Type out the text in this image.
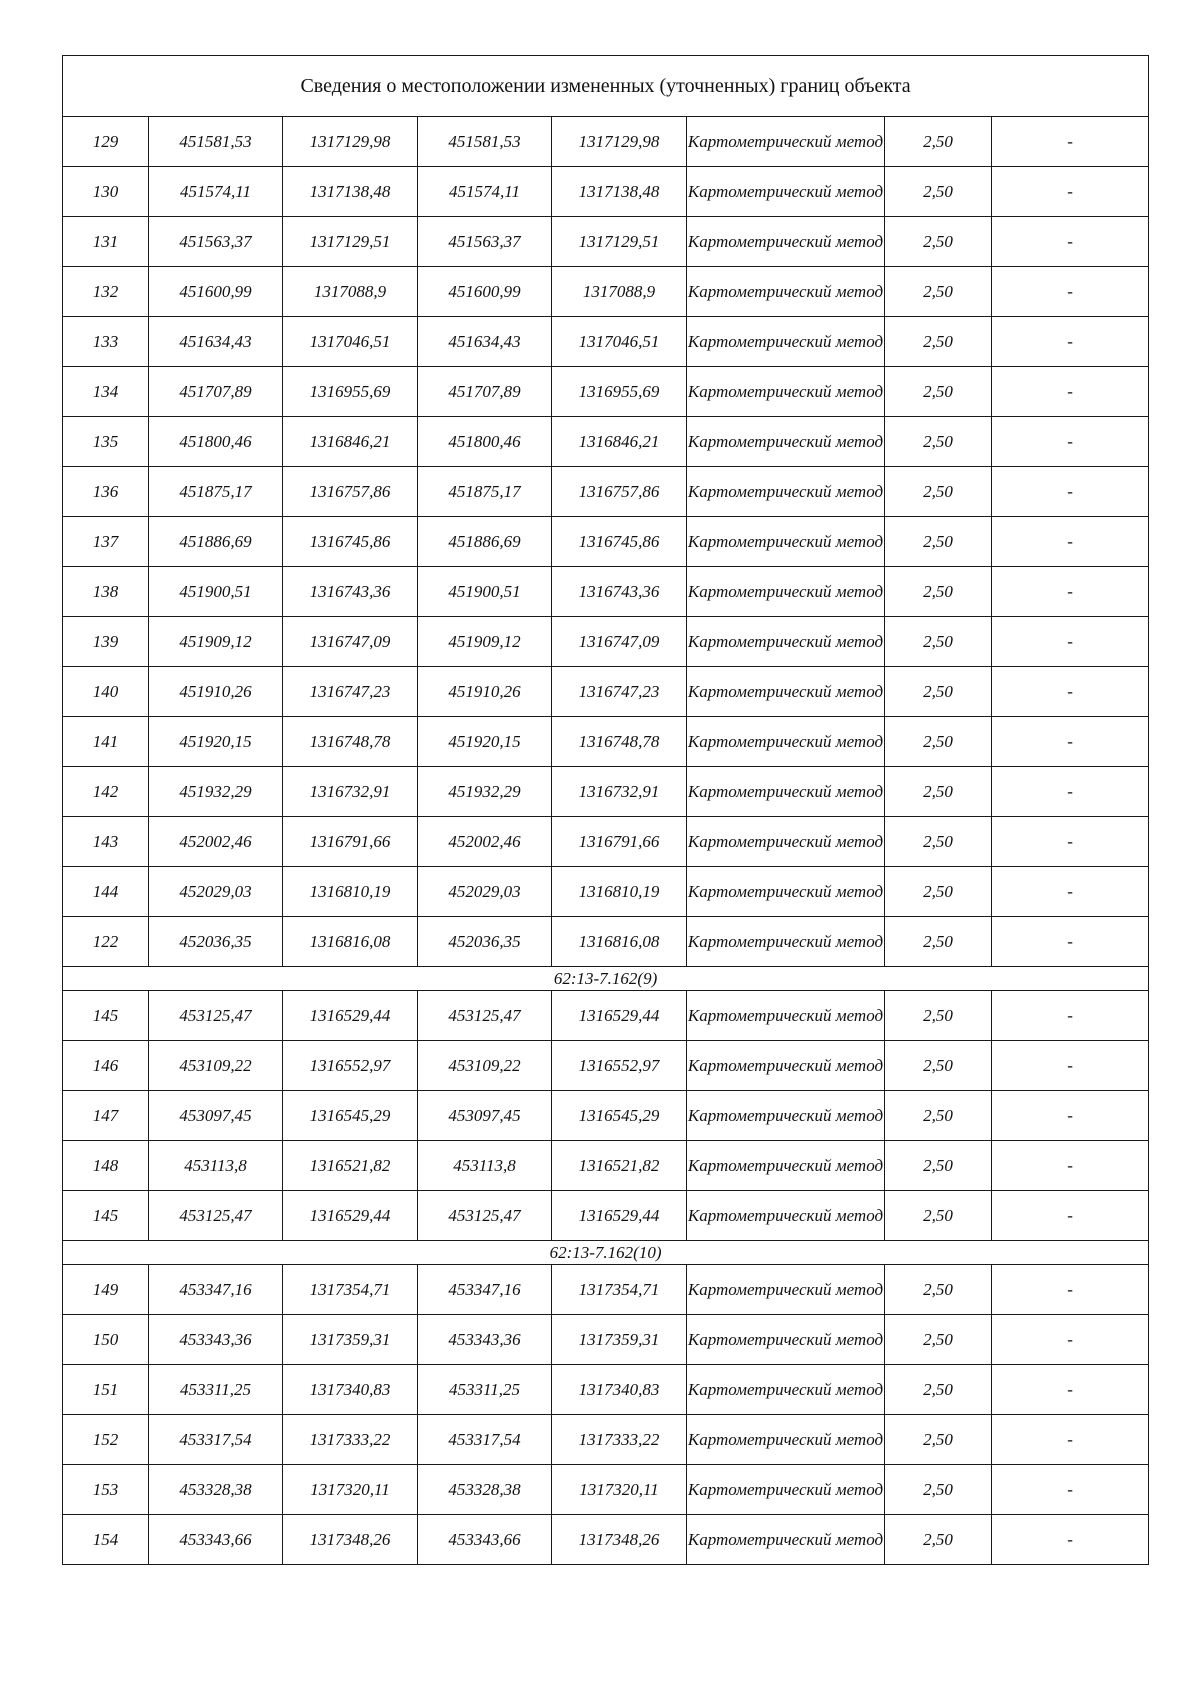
Сведения о местоположении измененных (уточненных) границ объекта							
129	451581,53	1317129,98	451581,53	1317129,98	Картометрический метод	2,50	-
130	451574,11	1317138,48	451574,11	1317138,48	Картометрический метод	2,50	-
131	451563,37	1317129,51	451563,37	1317129,51	Картометрический метод	2,50	-
132	451600,99	1317088,9	451600,99	1317088,9	Картометрический метод	2,50	-
133	451634,43	1317046,51	451634,43	1317046,51	Картометрический метод	2,50	-
134	451707,89	1316955,69	451707,89	1316955,69	Картометрический метод	2,50	-
135	451800,46	1316846,21	451800,46	1316846,21	Картометрический метод	2,50	-
136	451875,17	1316757,86	451875,17	1316757,86	Картометрический метод	2,50	-
137	451886,69	1316745,86	451886,69	1316745,86	Картометрический метод	2,50	-
138	451900,51	1316743,36	451900,51	1316743,36	Картометрический метод	2,50	-
139	451909,12	1316747,09	451909,12	1316747,09	Картометрический метод	2,50	-
140	451910,26	1316747,23	451910,26	1316747,23	Картометрический метод	2,50	-
141	451920,15	1316748,78	451920,15	1316748,78	Картометрический метод	2,50	-
142	451932,29	1316732,91	451932,29	1316732,91	Картометрический метод	2,50	-
143	452002,46	1316791,66	452002,46	1316791,66	Картометрический метод	2,50	-
144	452029,03	1316810,19	452029,03	1316810,19	Картометрический метод	2,50	-
122	452036,35	1316816,08	452036,35	1316816,08	Картометрический метод	2,50	-
62:13-7.162(9)							
145	453125,47	1316529,44	453125,47	1316529,44	Картометрический метод	2,50	-
146	453109,22	1316552,97	453109,22	1316552,97	Картометрический метод	2,50	-
147	453097,45	1316545,29	453097,45	1316545,29	Картометрический метод	2,50	-
148	453113,8	1316521,82	453113,8	1316521,82	Картометрический метод	2,50	-
145	453125,47	1316529,44	453125,47	1316529,44	Картометрический метод	2,50	-
62:13-7.162(10)							
149	453347,16	1317354,71	453347,16	1317354,71	Картометрический метод	2,50	-
150	453343,36	1317359,31	453343,36	1317359,31	Картометрический метод	2,50	-
151	453311,25	1317340,83	453311,25	1317340,83	Картометрический метод	2,50	-
152	453317,54	1317333,22	453317,54	1317333,22	Картометрический метод	2,50	-
153	453328,38	1317320,11	453328,38	1317320,11	Картометрический метод	2,50	-
154	453343,66	1317348,26	453343,66	1317348,26	Картометрический метод	2,50	-
